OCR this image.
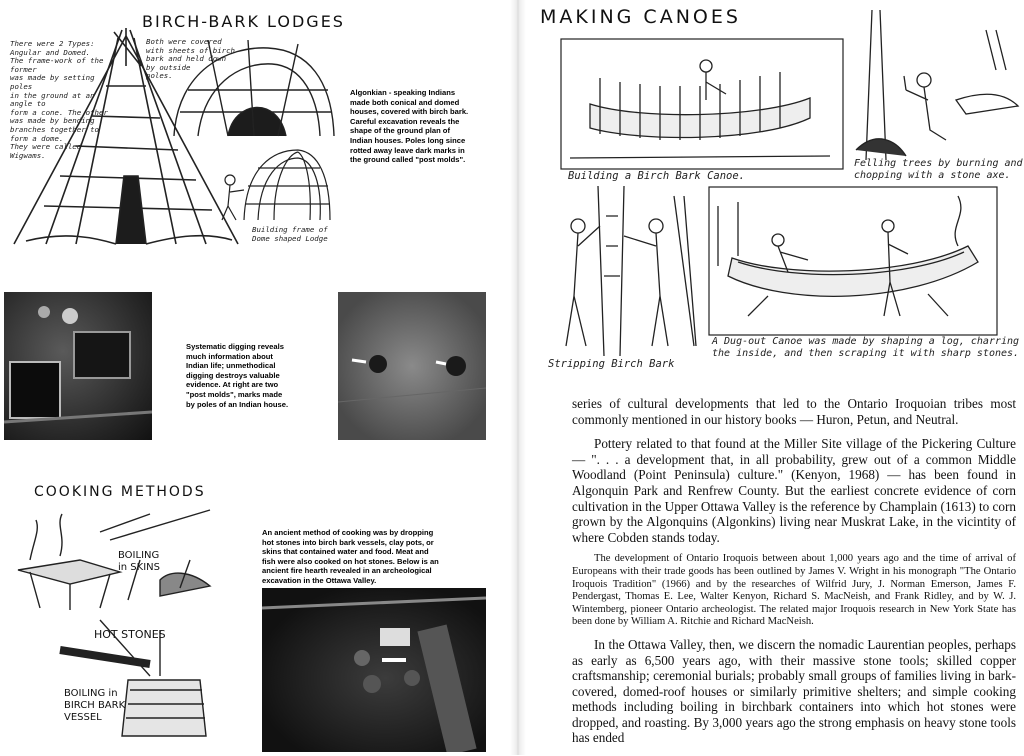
BIRCH-BARK LODGES
There were 2 Types:
Angular and Domed.
The frame-work of the former
was made by setting poles
in the ground at an angle to
form a cone. The other
was made by bending
branches together to
form a dome.
They were called
Wigwams.
Both were covered
with sheets of birch
bark and held down
by outside
poles.
Building frame of
Dome shaped Lodge
Algonkian - speaking Indians
made both conical and domed
houses, covered with birch bark.
Careful excavation reveals the
shape of the ground plan of
Indian houses. Poles long since
rotted away leave dark marks in
the ground called "post molds".
Systematic digging reveals
much information about
Indian life; unmethodical
digging destroys valuable
evidence. At right are two
"post molds", marks made
by poles of an Indian house.
COOKING METHODS
BOILING
in SKINS
HOT STONES
BOILING in
BIRCH BARK
VESSEL
An ancient method of cooking was by dropping
hot stones into birch bark vessels, clay pots, or
skins that contained water and food. Meat and
fish were also cooked on hot stones. Below is an
ancient fire hearth revealed in an archeological
excavation in the Ottawa Valley.
MAKING CANOES
Building a Birch Bark Canoe.
Felling trees by burning and
chopping with a stone axe.
Stripping Birch Bark
A Dug-out Canoe was made by shaping a log, charring
the inside, and then scraping it with sharp stones.

series of cultural developments that led to the Ontario Iroquoian tribes most commonly mentioned in our history books — Huron, Petun, and Neutral.

Pottery related to that found at the Miller Site village of the Pickering Culture — ". . . a development that, in all probability, grew out of a common Middle Woodland (Point Peninsula) culture." (Kenyon, 1968) — has been found in Algonquin Park and Renfrew County. But the earliest concrete evidence of corn cultivation in the Upper Ottawa Valley is the reference by Champlain (1613) to corn grown by the Algonquins (Algonkins) living near Muskrat Lake, in the vicintity of where Cobden stands today.

The development of Ontario Iroquois between about 1,000 years ago and the time of arrival of Europeans with their trade goods has been outlined by James V. Wright in his monograph "The Ontario Iroquois Tradition" (1966) and by the researches of Wilfrid Jury, J. Norman Emerson, James F. Pendergast, Thomas E. Lee, Walter Kenyon, Richard S. MacNeish, and Frank Ridley, and by W. J. Wintemberg, pioneer Ontario archeologist. The related major Iroquois research in New York State has been done by William A. Ritchie and Richard MacNeish.

In the Ottawa Valley, then, we discern the nomadic Laurentian peoples, perhaps as early as 6,500 years ago, with their massive stone tools; skilled copper craftsmanship; ceremonial burials; probably small groups of families living in bark-covered, domed-roof houses or similarly primitive shelters; and simple cooking methods including boiling in birchbark containers into which hot stones were dropped, and roasting. By 3,000 years ago the strong emphasis on heavy stone tools has ended
